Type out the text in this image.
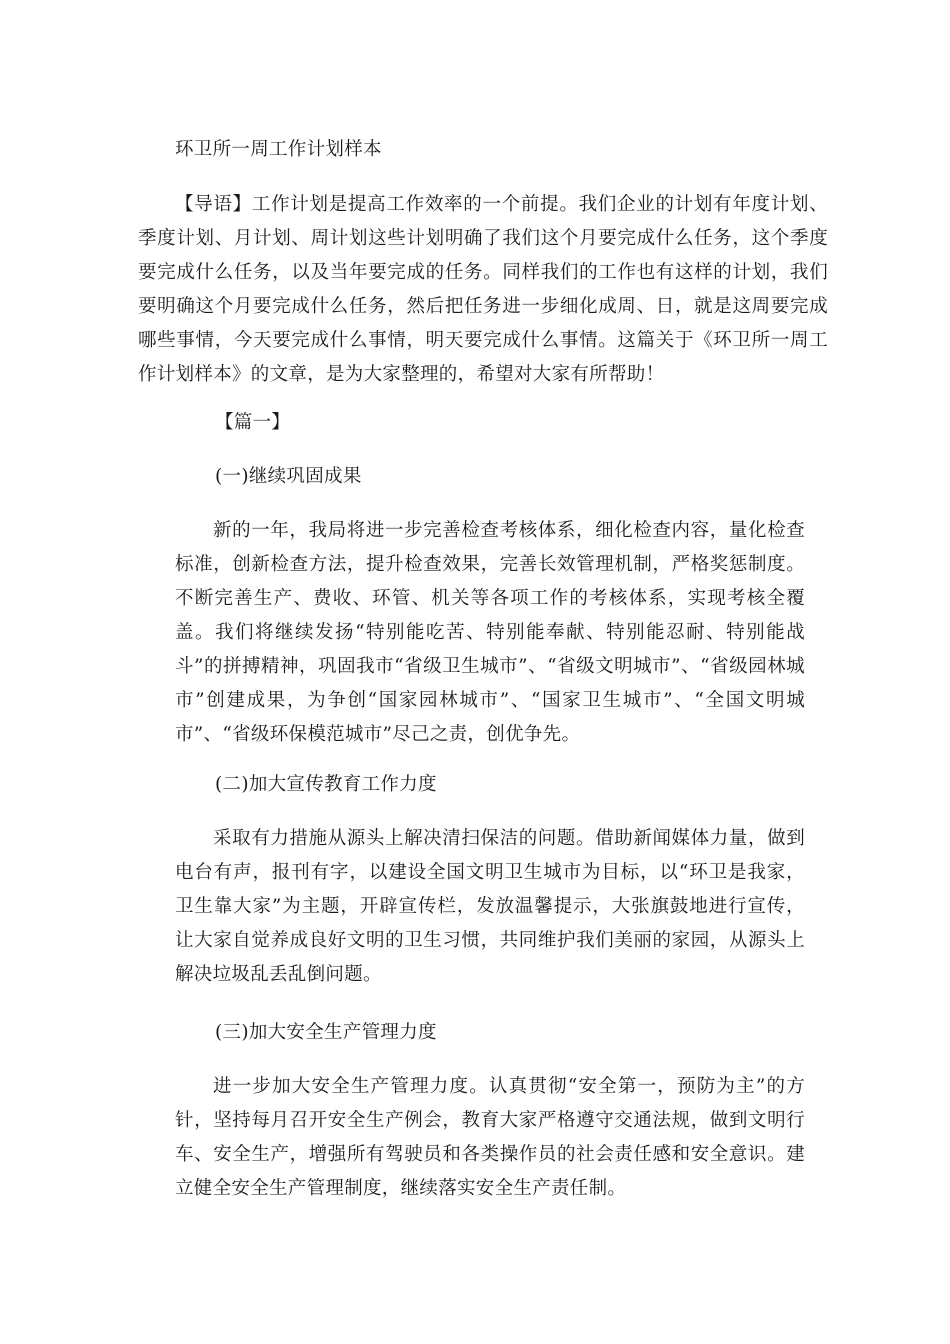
环卫所一周工作计划样本

【导语】工作计划是提高工作效率的一个前提。我们企业的计划有年度计划、季度计划、月计划、周计划这些计划明确了我们这个月要完成什么任务，这个季度要完成什么任务，以及当年要完成的任务。同样我们的工作也有这样的计划，我们要明确这个月要完成什么任务，然后把任务进一步细化成周、日，就是这周要完成哪些事情，今天要完成什么事情，明天要完成什么事情。这篇关于《环卫所一周工作计划样本》的文章，是为大家整理的，希望对大家有所帮助！

【篇一】

(一)继续巩固成果

新的一年，我局将进一步完善检查考核体系，细化检查内容，量化检查标准，创新检查方法，提升检查效果，完善长效管理机制，严格奖惩制度。不断完善生产、费收、环管、机关等各项工作的考核体系，实现考核全覆盖。我们将继续发扬“特别能吃苦、特别能奉献、特别能忍耐、特别能战斗”的拼搏精神，巩固我市“省级卫生城市”、“省级文明城市”、“省级园林城市”创建成果，为争创“国家园林城市”、“国家卫生城市”、“全国文明城市”、“省级环保模范城市”尽己之责，创优争先。

(二)加大宣传教育工作力度

采取有力措施从源头上解决清扫保洁的问题。借助新闻媒体力量，做到电台有声，报刊有字，以建设全国文明卫生城市为目标，以“环卫是我家，卫生靠大家”为主题，开辟宣传栏，发放温馨提示，大张旗鼓地进行宣传，让大家自觉养成良好文明的卫生习惯，共同维护我们美丽的家园，从源头上解决垃圾乱丢乱倒问题。

(三)加大安全生产管理力度

进一步加大安全生产管理力度。认真贯彻“安全第一，预防为主”的方针，坚持每月召开安全生产例会，教育大家严格遵守交通法规，做到文明行车、安全生产，增强所有驾驶员和各类操作员的社会责任感和安全意识。建立健全安全生产管理制度，继续落实安全生产责任制。
